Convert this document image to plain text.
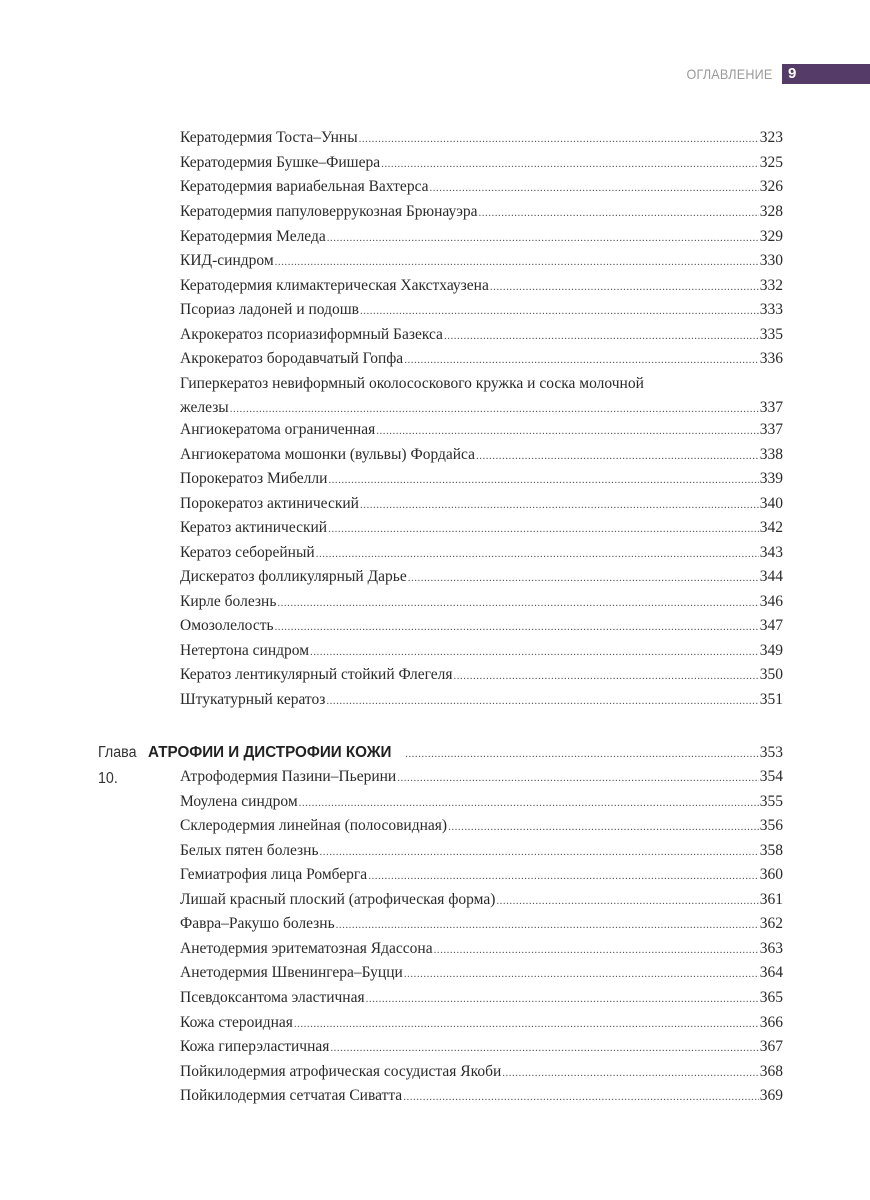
ОГЛАВЛЕНИЕ 9
Кератодермия Тоста–Унны .....	323
Кератодермия Бушке–Фишера .....	325
Кератодермия вариабельная Вахтерса .....	326
Кератодермия папуловеррукозная Брюнауэра .....	328
Кератодермия Меледа .....	329
КИД-синдром .....	330
Кератодермия климактерическая Хакстхаузена .....	332
Псориаз ладоней и подошв .....	333
Акрокератоз псориазиформный Базекса .....	335
Акрокератоз бородавчатый Гопфа .....	336
Гиперкератоз невиформный околососкового кружка и соска молочной
железы .....	337
Ангиокератома ограниченная .....	337
Ангиокератома мошонки (вульвы) Фордайса .....	338
Порокератоз Мибелли .....	339
Порокератоз актинический .....	340
Кератоз актинический .....	342
Кератоз себорейный .....	343
Дискератоз фолликулярный Дарье .....	344
Кирле болезнь .....	346
Омозолелость .....	347
Нетертона синдром .....	349
Кератоз лентикулярный стойкий Флегеля .....	350
Штукатурный кератоз .....	351
Глава 10.
АТРОФИИ И ДИСТРОФИИ КОЖИ .....	353
Атрофодермия Пазини–Пьерини .....	354
Моулена синдром .....	355
Склеродермия линейная (полосовидная) .....	356
Белых пятен болезнь .....	358
Гемиатрофия лица Ромберга .....	360
Лишай красный плоский (атрофическая форма) .....	361
Фавра–Ракушо болезнь .....	362
Анетодермия эритематозная Ядассона .....	363
Анетодермия Швенингера–Буцци .....	364
Псевдоксантома эластичная .....	365
Кожа стероидная .....	366
Кожа гиперэластичная .....	367
Пойкилодермия атрофическая сосудистая Якоби .....	368
Пойкилодермия сетчатая Сиватта .....	369
